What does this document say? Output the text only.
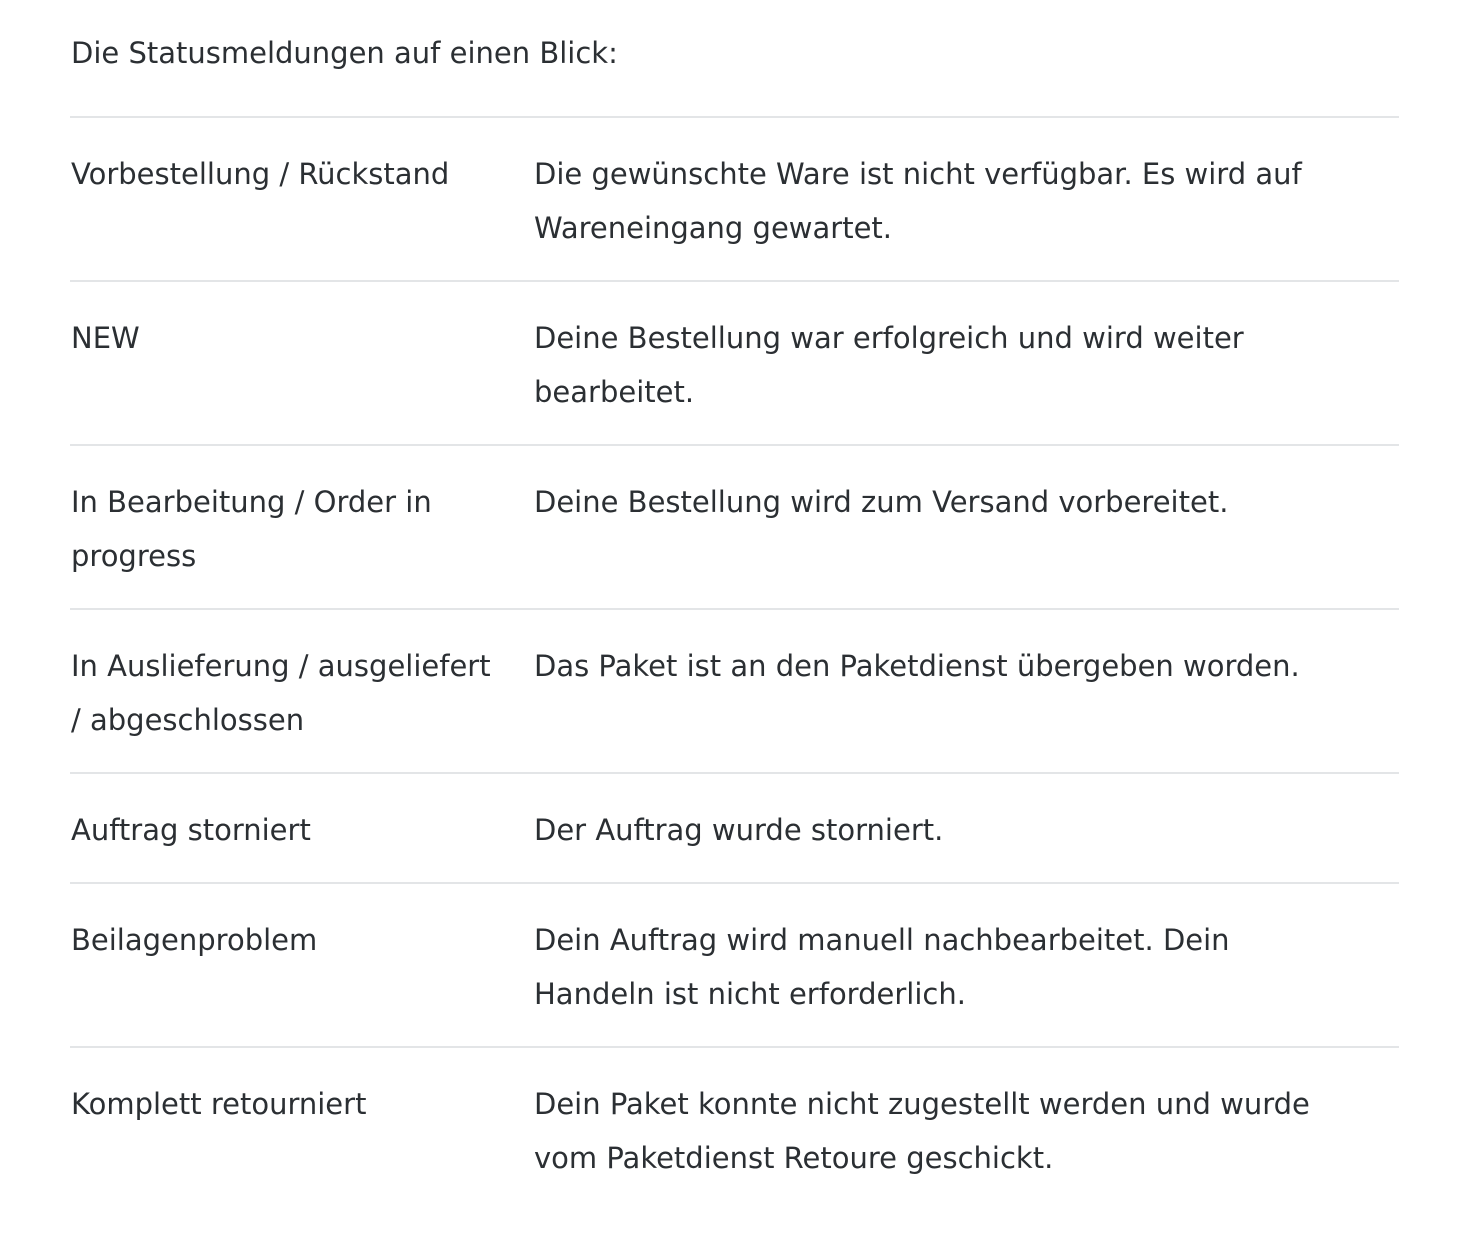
Die Statusmeldungen auf einen Blick:

Vorbestellung / Rückstand	Die gewünschte Ware ist nicht verfügbar. Es wird auf Wareneingang gewartet.
NEW	Deine Bestellung war erfolgreich und wird weiter bearbeitet.
In Bearbeitung / Order in progress	Deine Bestellung wird zum Versand vorbereitet.
In Auslieferung / ausgeliefert / abgeschlossen	Das Paket ist an den Paketdienst übergeben worden.
Auftrag storniert	Der Auftrag wurde storniert.
Beilagenproblem	Dein Auftrag wird manuell nachbearbeitet. Dein Handeln ist nicht erforderlich.
Komplett retourniert	Dein Paket konnte nicht zugestellt werden und wurde vom Paketdienst Retoure geschickt.
